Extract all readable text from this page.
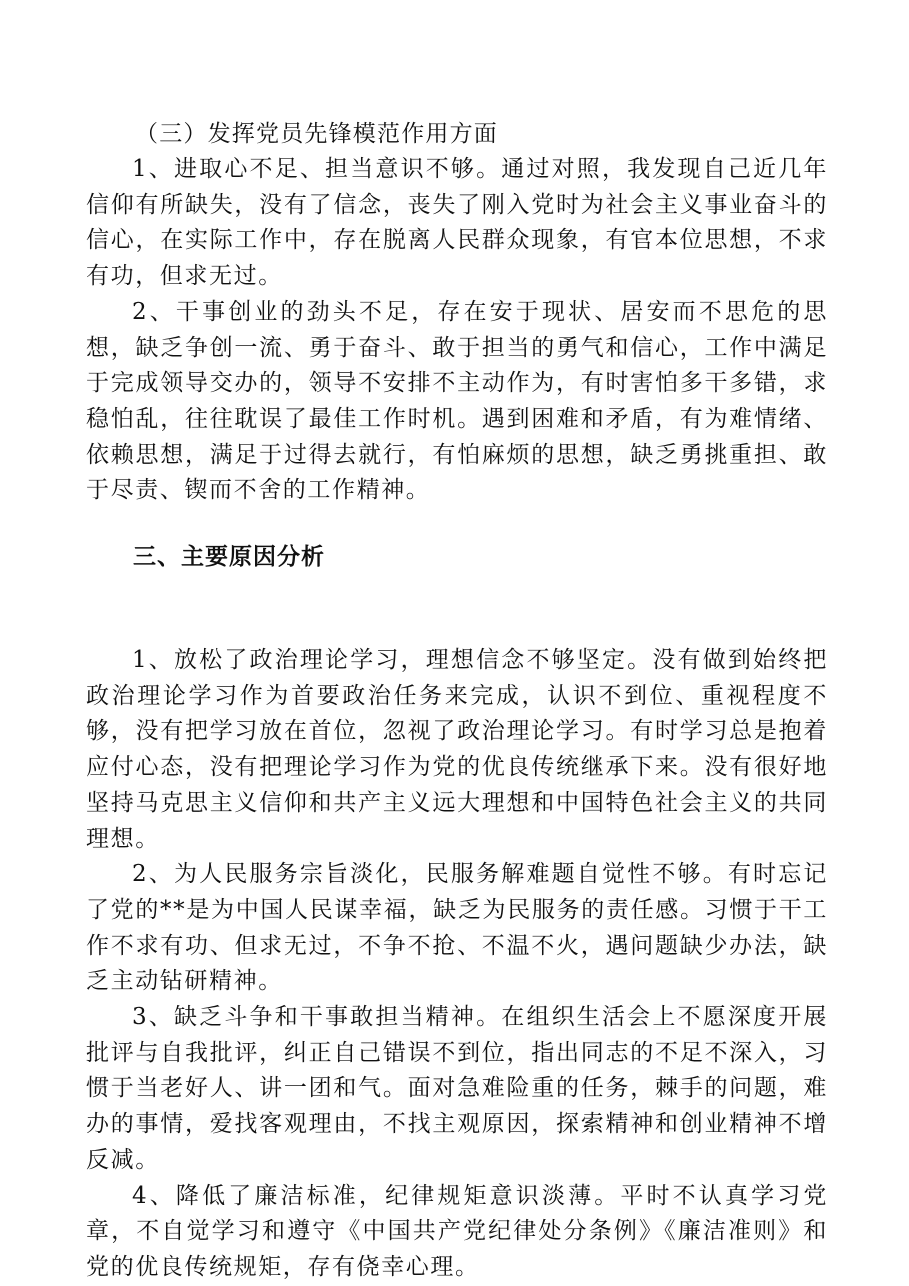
（三）发挥党员先锋模范作用方面

1、进取心不足、担当意识不够。通过对照，我发现自己近几年信仰有所缺失，没有了信念，丧失了刚入党时为社会主义事业奋斗的信心，在实际工作中，存在脱离人民群众现象，有官本位思想，不求有功，但求无过。

2、干事创业的劲头不足，存在安于现状、居安而不思危的思想，缺乏争创一流、勇于奋斗、敢于担当的勇气和信心，工作中满足于完成领导交办的，领导不安排不主动作为，有时害怕多干多错，求稳怕乱，往往耽误了最佳工作时机。遇到困难和矛盾，有为难情绪、依赖思想，满足于过得去就行，有怕麻烦的思想，缺乏勇挑重担、敢于尽责、锲而不舍的工作精神。

三、主要原因分析

1、放松了政治理论学习，理想信念不够坚定。没有做到始终把政治理论学习作为首要政治任务来完成，认识不到位、重视程度不够，没有把学习放在首位，忽视了政治理论学习。有时学习总是抱着应付心态，没有把理论学习作为党的优良传统继承下来。没有很好地坚持马克思主义信仰和共产主义远大理想和中国特色社会主义的共同理想。

2、为人民服务宗旨淡化，民服务解难题自觉性不够。有时忘记了党的**是为中国人民谋幸福，缺乏为民服务的责任感。习惯于干工作不求有功、但求无过，不争不抢、不温不火，遇问题缺少办法，缺乏主动钻研精神。

3、缺乏斗争和干事敢担当精神。在组织生活会上不愿深度开展批评与自我批评，纠正自己错误不到位，指出同志的不足不深入，习惯于当老好人、讲一团和气。面对急难险重的任务，棘手的问题，难办的事情，爱找客观理由，不找主观原因，探索精神和创业精神不增反减。

4、降低了廉洁标准，纪律规矩意识淡薄。平时不认真学习党章，不自觉学习和遵守《中国共产党纪律处分条例》《廉洁准则》和党的优良传统规矩，存有侥幸心理。
